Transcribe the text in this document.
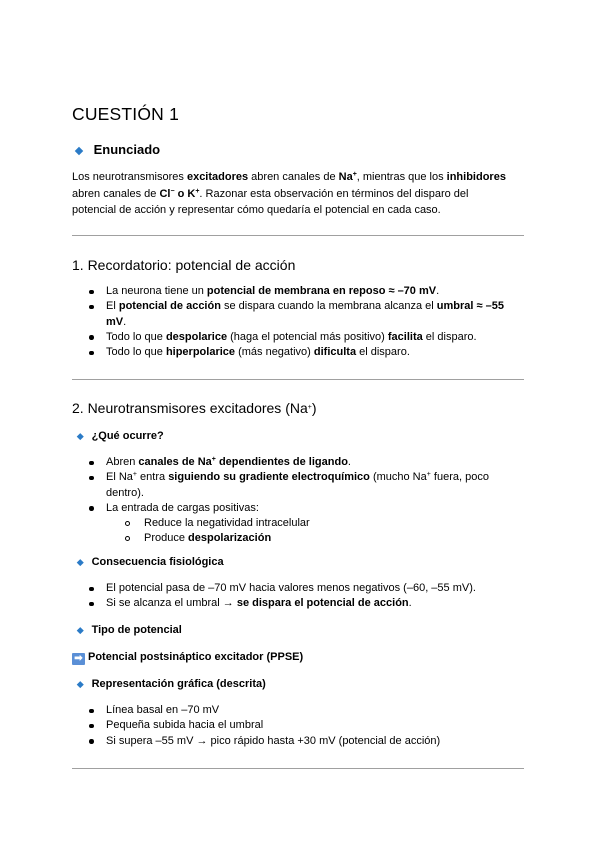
CUESTIÓN 1
Enunciado
Los neurotransmisores excitadores abren canales de Na+, mientras que los inhibidores abren canales de Cl− o K+. Razonar esta observación en términos del disparo del potencial de acción y representar cómo quedaría el potencial en cada caso.
1. Recordatorio: potencial de acción
La neurona tiene un potencial de membrana en reposo ≈ –70 mV.
El potencial de acción se dispara cuando la membrana alcanza el umbral ≈ –55 mV.
Todo lo que despolarice (haga el potencial más positivo) facilita el disparo.
Todo lo que hiperpolarice (más negativo) dificulta el disparo.
2. Neurotransmisores excitadores (Na+)
¿Qué ocurre?
Abren canales de Na+ dependientes de ligando.
El Na+ entra siguiendo su gradiente electroquímico (mucho Na+ fuera, poco dentro).
La entrada de cargas positivas:
Reduce la negatividad intracelular
Produce despolarización
Consecuencia fisiológica
El potencial pasa de –70 mV hacia valores menos negativos (–60, –55 mV).
Si se alcanza el umbral → se dispara el potencial de acción.
Tipo de potencial
➡ Potencial postsináptico excitador (PPSE)
Representación gráfica (descrita)
Línea basal en –70 mV
Pequeña subida hacia el umbral
Si supera –55 mV → pico rápido hasta +30 mV (potencial de acción)
